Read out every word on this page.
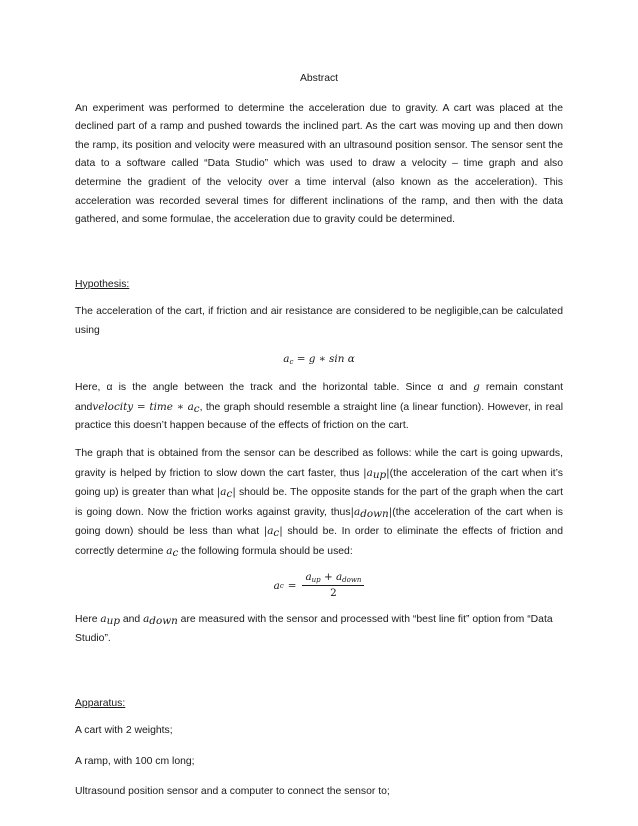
Abstract

An experiment was performed to determine the acceleration due to gravity. A cart was placed at the declined part of a ramp and pushed towards the inclined part. As the cart was moving up and then down the ramp, its position and velocity were measured with an ultrasound position sensor. The sensor sent the data to a software called “Data Studio” which was used to draw a velocity – time graph and also determine the gradient of the velocity over a time interval (also known as the acceleration). This acceleration was recorded several times for different inclinations of the ramp, and then with the data gathered, and some formulae, the acceleration due to gravity could be determined.

Hypothesis:

The acceleration of the cart, if friction and air resistance are considered to be negligible,can be calculated using

$a_c = g$ ∗ sin α

Here, α is the angle between the track and the horizontal table. Since α and g remain constant andvelocity = time ∗ $a_c$, the graph should resemble a straight line (a linear function). However, in real practice this doesn’t happen because of the effects of friction on the cart.

The graph that is obtained from the sensor can be described as follows: while the cart is going upwards, gravity is helped by friction to slow down the cart faster, thus $|a_{up}|(the$ acceleration of the cart when it’s going up) is greater than what $|a_c|$ should be. The opposite stands for the part of the graph when the cart is going down. Now the friction works against gravity, $thus|a_{down}|(the$ acceleration of the cart when is going down) should be less than what $|a_c|$ should be. In order to eliminate the effects of friction and correctly determine $a_c$ the following formula should be used:

a $c = \frac{a_{up} + a_{down}}{2}$

Here $a_{up}$ and $a_{down}$ are measured with the sensor and processed with “best line fit” option from “Data Studio”.

Apparatus:

A cart with 2 weights;

A ramp, with 100 cm long;

Ultrasound position sensor and a computer to connect the sensor to;
